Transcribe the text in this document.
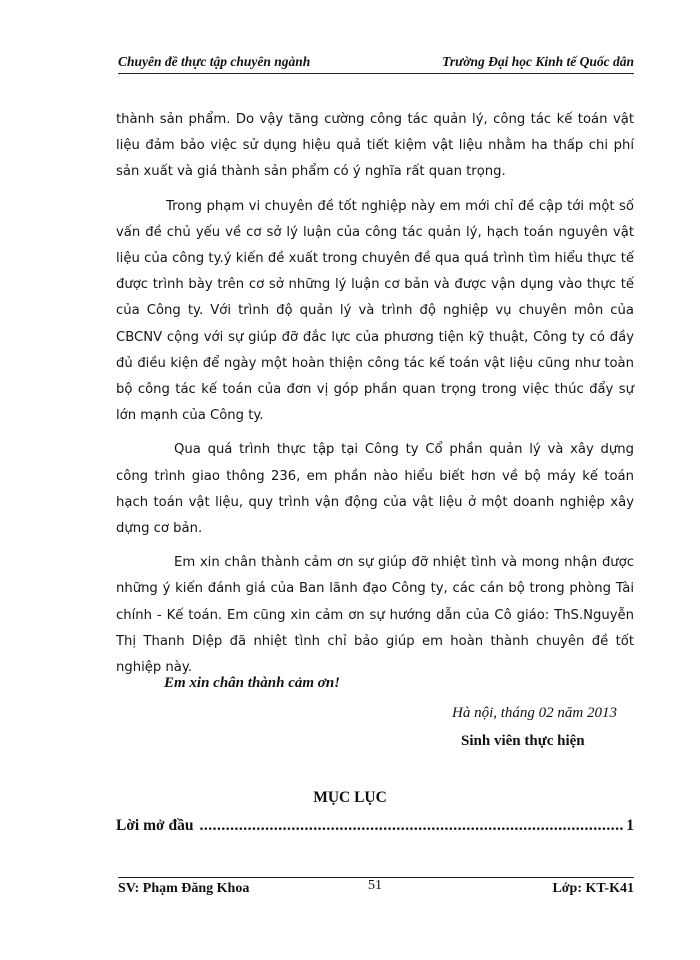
Chuyên đề thực tập chuyên ngành	Trường Đại học Kinh tế Quốc dân

thành sản phẩm. Do vậy tăng cường công tác quản lý, công tác kế toán vật liệu đảm bảo việc sử dụng hiệu quả tiết kiệm vật liệu nhằm ha thấp chi phí sản xuất và giá thành sản phẩm có ý nghĩa rất quan trọng.

Trong phạm vi chuyên đề tốt nghiệp này em mới chỉ đề cập tới một số vấn đề chủ yếu về cơ sở lý luận của công tác quản lý, hạch toán nguyên vật liệu của công ty.ý kiến đề xuất trong chuyên đề qua quá trình tìm hiểu thực tế được trình bày trên cơ sở những lý luận cơ bản và được vận dụng vào thực tế của Công ty. Với trình độ quản lý và trình độ nghiệp vụ chuyên môn của CBCNV cộng với sự giúp đỡ đắc lực của phương tiện kỹ thuật, Công ty có đầy đủ điều kiện để ngày một hoàn thiện công tác kế toán vật liệu cũng như toàn bộ công tác kế toán của đơn vị góp phần quan trọng trong việc thúc đẩy sự lớn mạnh của Công ty.

Qua quá trình thực tập tại Công ty Cổ phần quản lý và xây dựng công trình giao thông 236, em phần nào hiểu biết hơn về bộ máy kế toán hạch toán vật liệu, quy trình vận động của vật liệu ở một doanh nghiệp xây dựng cơ bản.

Em xin chân thành cảm ơn sự giúp đỡ nhiệt tình và mong nhận được những ý kiến đánh giá của Ban lãnh đạo Công ty, các cán bộ trong phòng Tài chính - Kế toán. Em cũng xin cảm ơn sự hướng dẫn của Cô giáo: ThS.Nguyễn Thị Thanh Diệp đã nhiệt tình chỉ bảo giúp em hoàn thành chuyên đề tốt nghiệp này.

Em xin chân thành cảm ơn!
Hà nội, tháng 02 năm 2013
Sinh viên thực hiện
MỤC LỤC
Lời mở đầu
.....	1
SV: Phạm Đăng Khoa	51	Lớp: KT-K41
